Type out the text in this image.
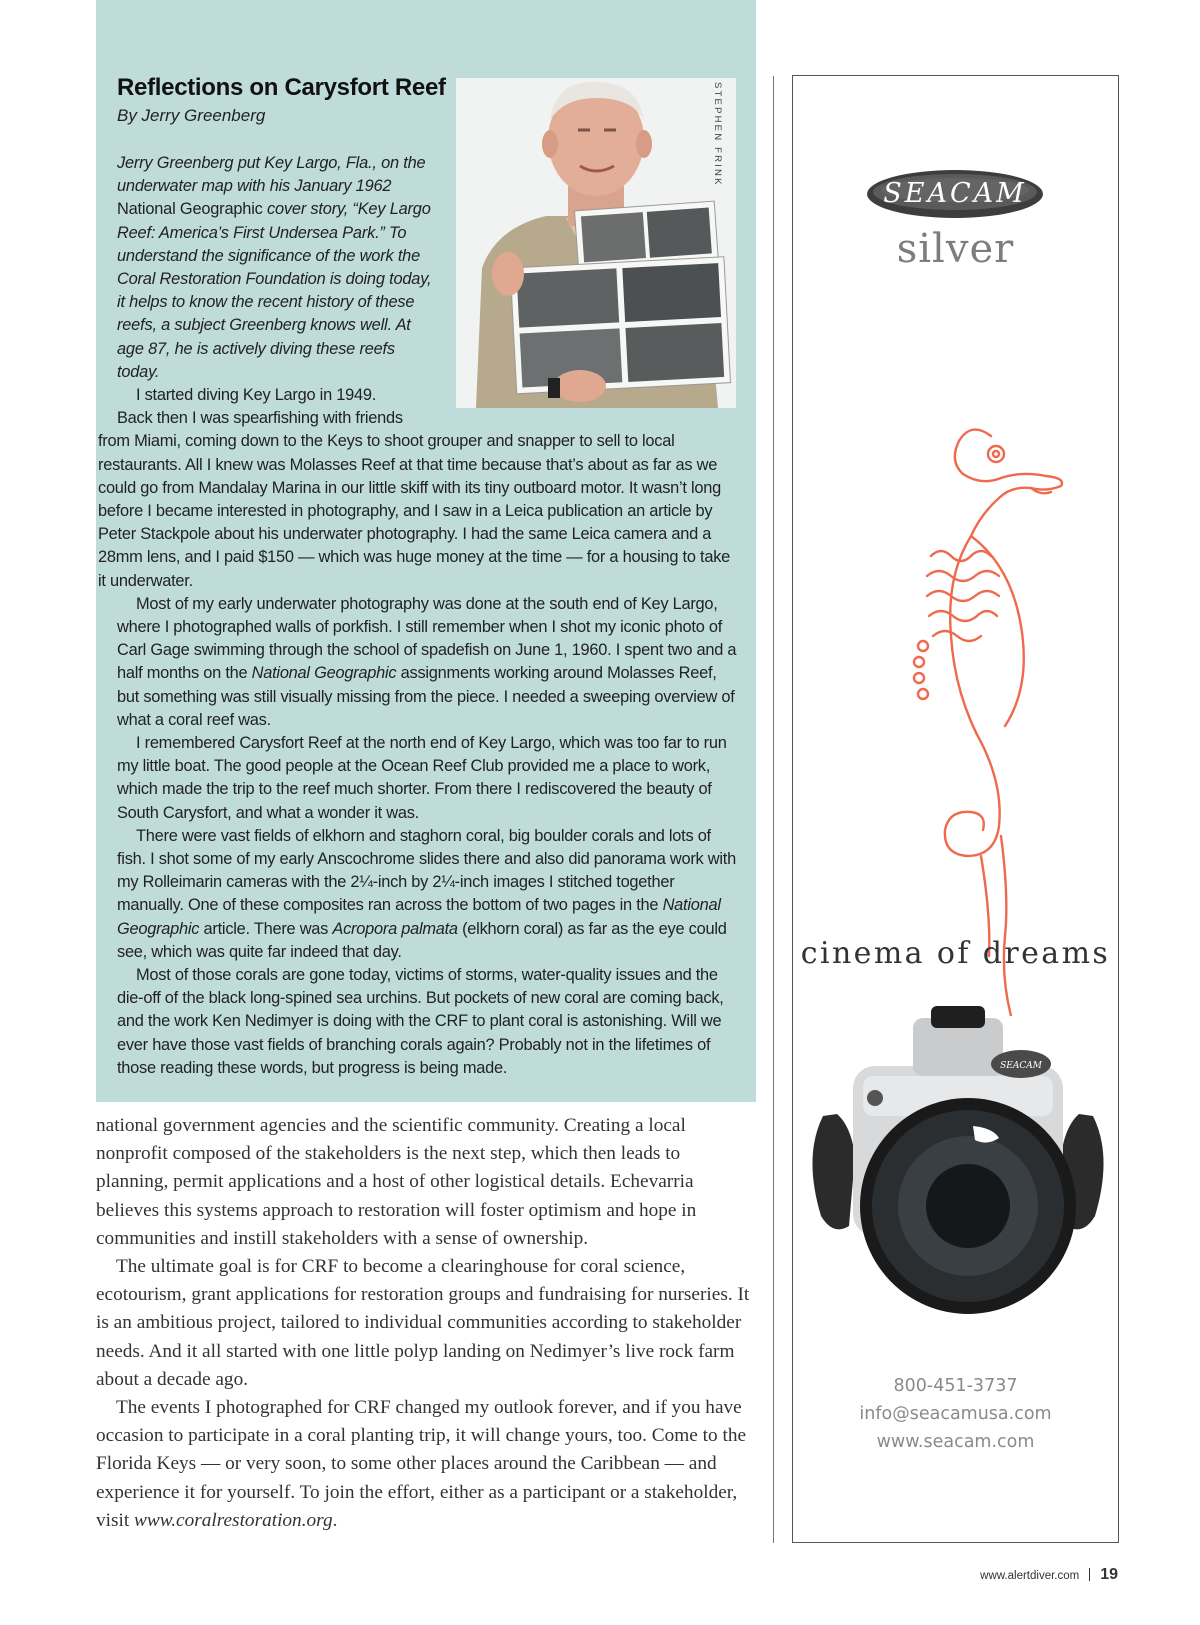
Reflections on Carysfort Reef
By Jerry Greenberg
Jerry Greenberg put Key Largo, Fla., on the underwater map with his January 1962 National Geographic cover story, “Key Largo Reef: America’s First Undersea Park.” To understand the significance of the work the Coral Restoration Foundation is doing today, it helps to know the recent history of these reefs, a subject Greenberg knows well. At age 87, he is actively diving these reefs today.
STEPHEN FRINK

I started diving Key Largo in 1949.
Back then I was spearfishing with friends
from Miami, coming down to the Keys to shoot grouper and snapper to sell to local restaurants. All I knew was Molasses Reef at that time because that’s about as far as we could go from Mandalay Marina in our little skiff with its tiny outboard motor. It wasn’t long before I became interested in photography, and I saw in a Leica publication an article by Peter Stackpole about his underwater photography. I had the same Leica camera and a 28mm lens, and I paid $150 — which was huge money at the time — for a housing to take it underwater.

Most of my early underwater photography was done at the south end of Key Largo, where I photographed walls of porkfish. I still remember when I shot my iconic photo of Carl Gage swimming through the school of spadefish on June 1, 1960. I spent two and a half months on the National Geographic assignments working around Molasses Reef, but something was still visually missing from the piece. I needed a sweeping overview of what a coral reef was.

I remembered Carysfort Reef at the north end of Key Largo, which was too far to run my little boat. The good people at the Ocean Reef Club provided me a place to work, which made the trip to the reef much shorter. From there I rediscovered the beauty of South Carysfort, and what a wonder it was.

There were vast fields of elkhorn and staghorn coral, big boulder corals and lots of fish. I shot some of my early Anscochrome slides there and also did panorama work with my Rolleimarin cameras with the 2¼-inch by 2¼-inch images I stitched together manually. One of these composites ran across the bottom of two pages in the National Geographic article. There was Acropora palmata (elkhorn coral) as far as the eye could see, which was quite far indeed that day.

Most of those corals are gone today, victims of storms, water-quality issues and the die-off of the black long-spined sea urchins. But pockets of new coral are coming back, and the work Ken Nedimyer is doing with the CRF to plant coral is astonishing. Will we ever have those vast fields of branching corals again? Probably not in the lifetimes of those reading these words, but progress is being made.

national government agencies and the scientific community. Creating a local nonprofit composed of the stakeholders is the next step, which then leads to planning, permit applications and a host of other logistical details. Echevarria believes this systems approach to restoration will foster optimism and hope in communities and instill stakeholders with a sense of ownership.

The ultimate goal is for CRF to become a clearinghouse for coral science, ecotourism, grant applications for restoration groups and fundraising for nurseries. It is an ambitious project, tailored to individual communities according to stakeholder needs. And it all started with one little polyp landing on Nedimyer’s live rock farm about a decade ago.

The events I photographed for CRF changed my outlook forever, and if you have occasion to participate in a coral planting trip, it will change yours, too. Come to the Florida Keys — or very soon, to some other places around the Caribbean — and experience it for yourself. To join the effort, either as a participant or a stakeholder, visit www.coralrestoration.org.

SEACAM
silver
cinema of dreams
SEACAM
800-451-3737
info@seacamusa.com
www.seacam.com
www.alertdiver.com 19
